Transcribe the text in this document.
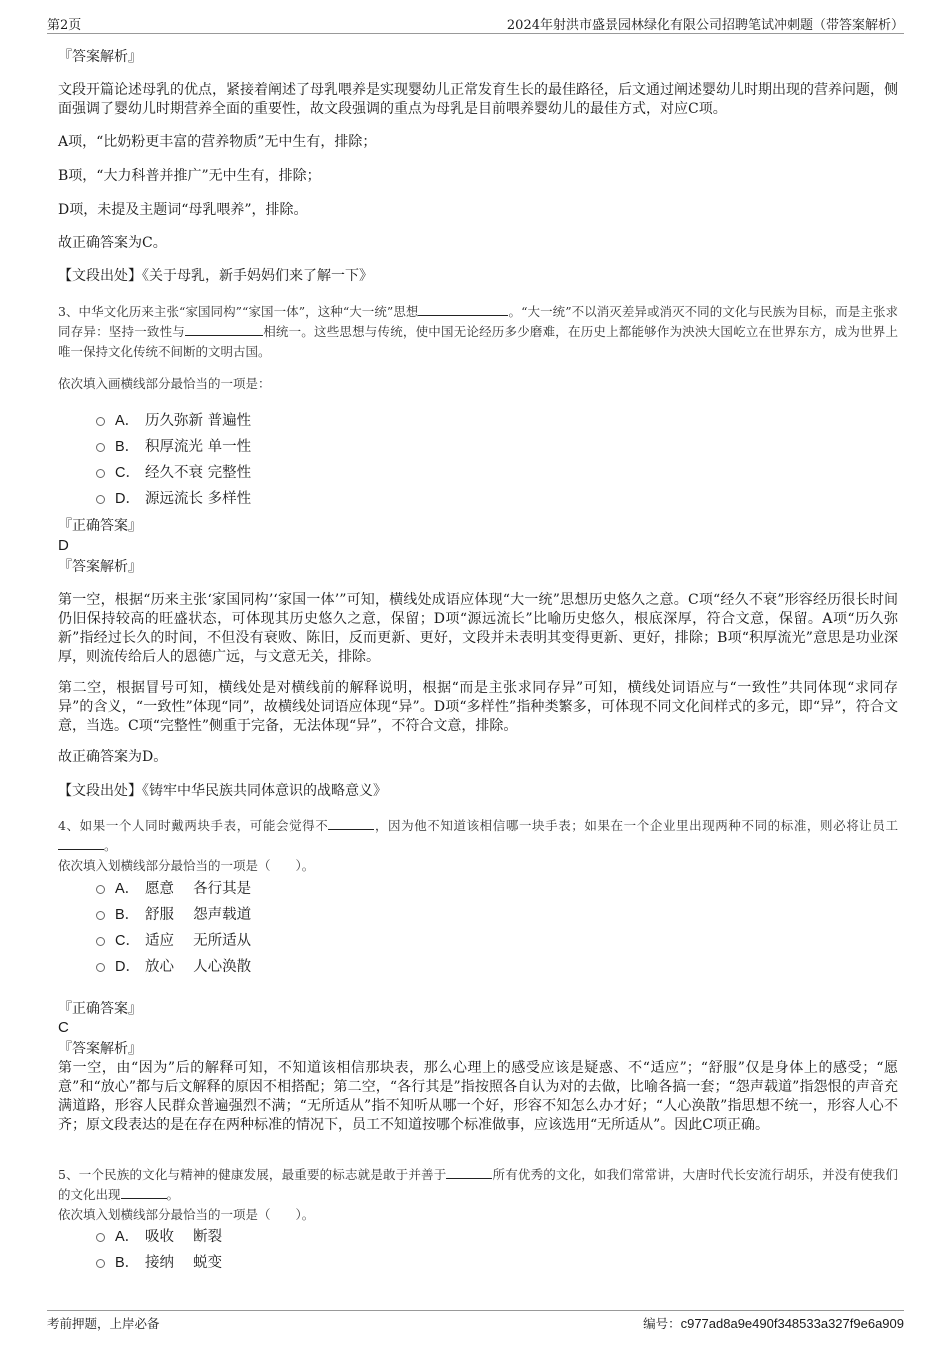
第2页	2024年射洪市盛景园林绿化有限公司招聘笔试冲刺题（带答案解析）

『答案解析』

文段开篇论述母乳的优点，紧接着阐述了母乳喂养是实现婴幼儿正常发育生长的最佳路径，后文通过阐述婴幼儿时期出现的营养问题，侧面强调了婴幼儿时期营养全面的重要性，故文段强调的重点为母乳是目前喂养婴幼儿的最佳方式，对应C项。

A项，“比奶粉更丰富的营养物质”无中生有，排除；

B项，“大力科普并推广”无中生有，排除；

D项，未提及主题词“母乳喂养”，排除。

故正确答案为C。

【文段出处】《关于母乳，新手妈妈们来了解一下》

3、中华文化历来主张“家国同构”“家国一体”，这种“大一统”思想	。“大一统”不以消灭差异或消灭不同的文化与民族为目标，而是主张求同存异：坚持一致性与	相统一。这些思想与传统，使中国无论经历多少磨难，在历史上都能够作为泱泱大国屹立在世界东方，成为世界上唯一保持文化传统不间断的文明古国。

依次填入画横线部分最恰当的一项是：

A． 历久弥新 普遍性
B． 积厚流光 单一性
C． 经久不衰 完整性
D． 源远流长 多样性

『正确答案』

D

『答案解析』

第一空，根据“历来主张‘家国同构’‘家国一体’”可知，横线处成语应体现“大一统”思想历史悠久之意。C项“经久不衰”形容经历很长时间仍旧保持较高的旺盛状态，可体现其历史悠久之意，保留；D项“源远流长”比喻历史悠久，根底深厚，符合文意，保留。A项“历久弥新”指经过长久的时间，不但没有衰败、陈旧，反而更新、更好，文段并未表明其变得更新、更好，排除；B项“积厚流光”意思是功业深厚，则流传给后人的恩德广远，与文意无关，排除。

第二空，根据冒号可知，横线处是对横线前的解释说明，根据“而是主张求同存异”可知，横线处词语应与“一致性”共同体现“求同存异”的含义，“一致性”体现“同”，故横线处词语应体现“异”。D项“多样性”指种类繁多，可体现不同文化间样式的多元，即“异”，符合文意，当选。C项“完整性”侧重于完备，无法体现“异”，不符合文意，排除。

故正确答案为D。

【文段出处】《铸牢中华民族共同体意识的战略意义》

4、如果一个人同时戴两块手表，可能会觉得不	，因为他不知道该相信哪一块手表；如果在一个企业里出现两种不同的标准，则必将让员工。

依次填入划横线部分最恰当的一项是（　　）。

A． 愿意　 各行其是
B． 舒服　 怨声载道
C． 适应　 无所适从
D． 放心　 人心涣散

『正确答案』

C

『答案解析』

第一空，由“因为”后的解释可知，不知道该相信那块表，那么心理上的感受应该是疑惑、不“适应”；“舒服”仅是身体上的感受；“愿意”和“放心”都与后文解释的原因不相搭配；第二空，“各行其是”指按照各自认为对的去做，比喻各搞一套；“怨声载道”指怨恨的声音充满道路，形容人民群众普遍强烈不满；“无所适从”指不知听从哪一个好，形容不知怎么办才好；“人心涣散”指思想不统一，形容人心不齐；原文段表达的是在存在两种标准的情况下，员工不知道按哪个标准做事，应该选用“无所适从”。因此C项正确。

5、一个民族的文化与精神的健康发展，最重要的标志就是敢于并善于	所有优秀的文化，如我们常常讲，大唐时代长安流行胡乐，并没有使我们的文化出现	。

依次填入划横线部分最恰当的一项是（　　）。

A． 吸收　 断裂
B． 接纳　 蜕变
考前押题，上岸必备	编号：c977ad8a9e490f348533a327f9e6a909
